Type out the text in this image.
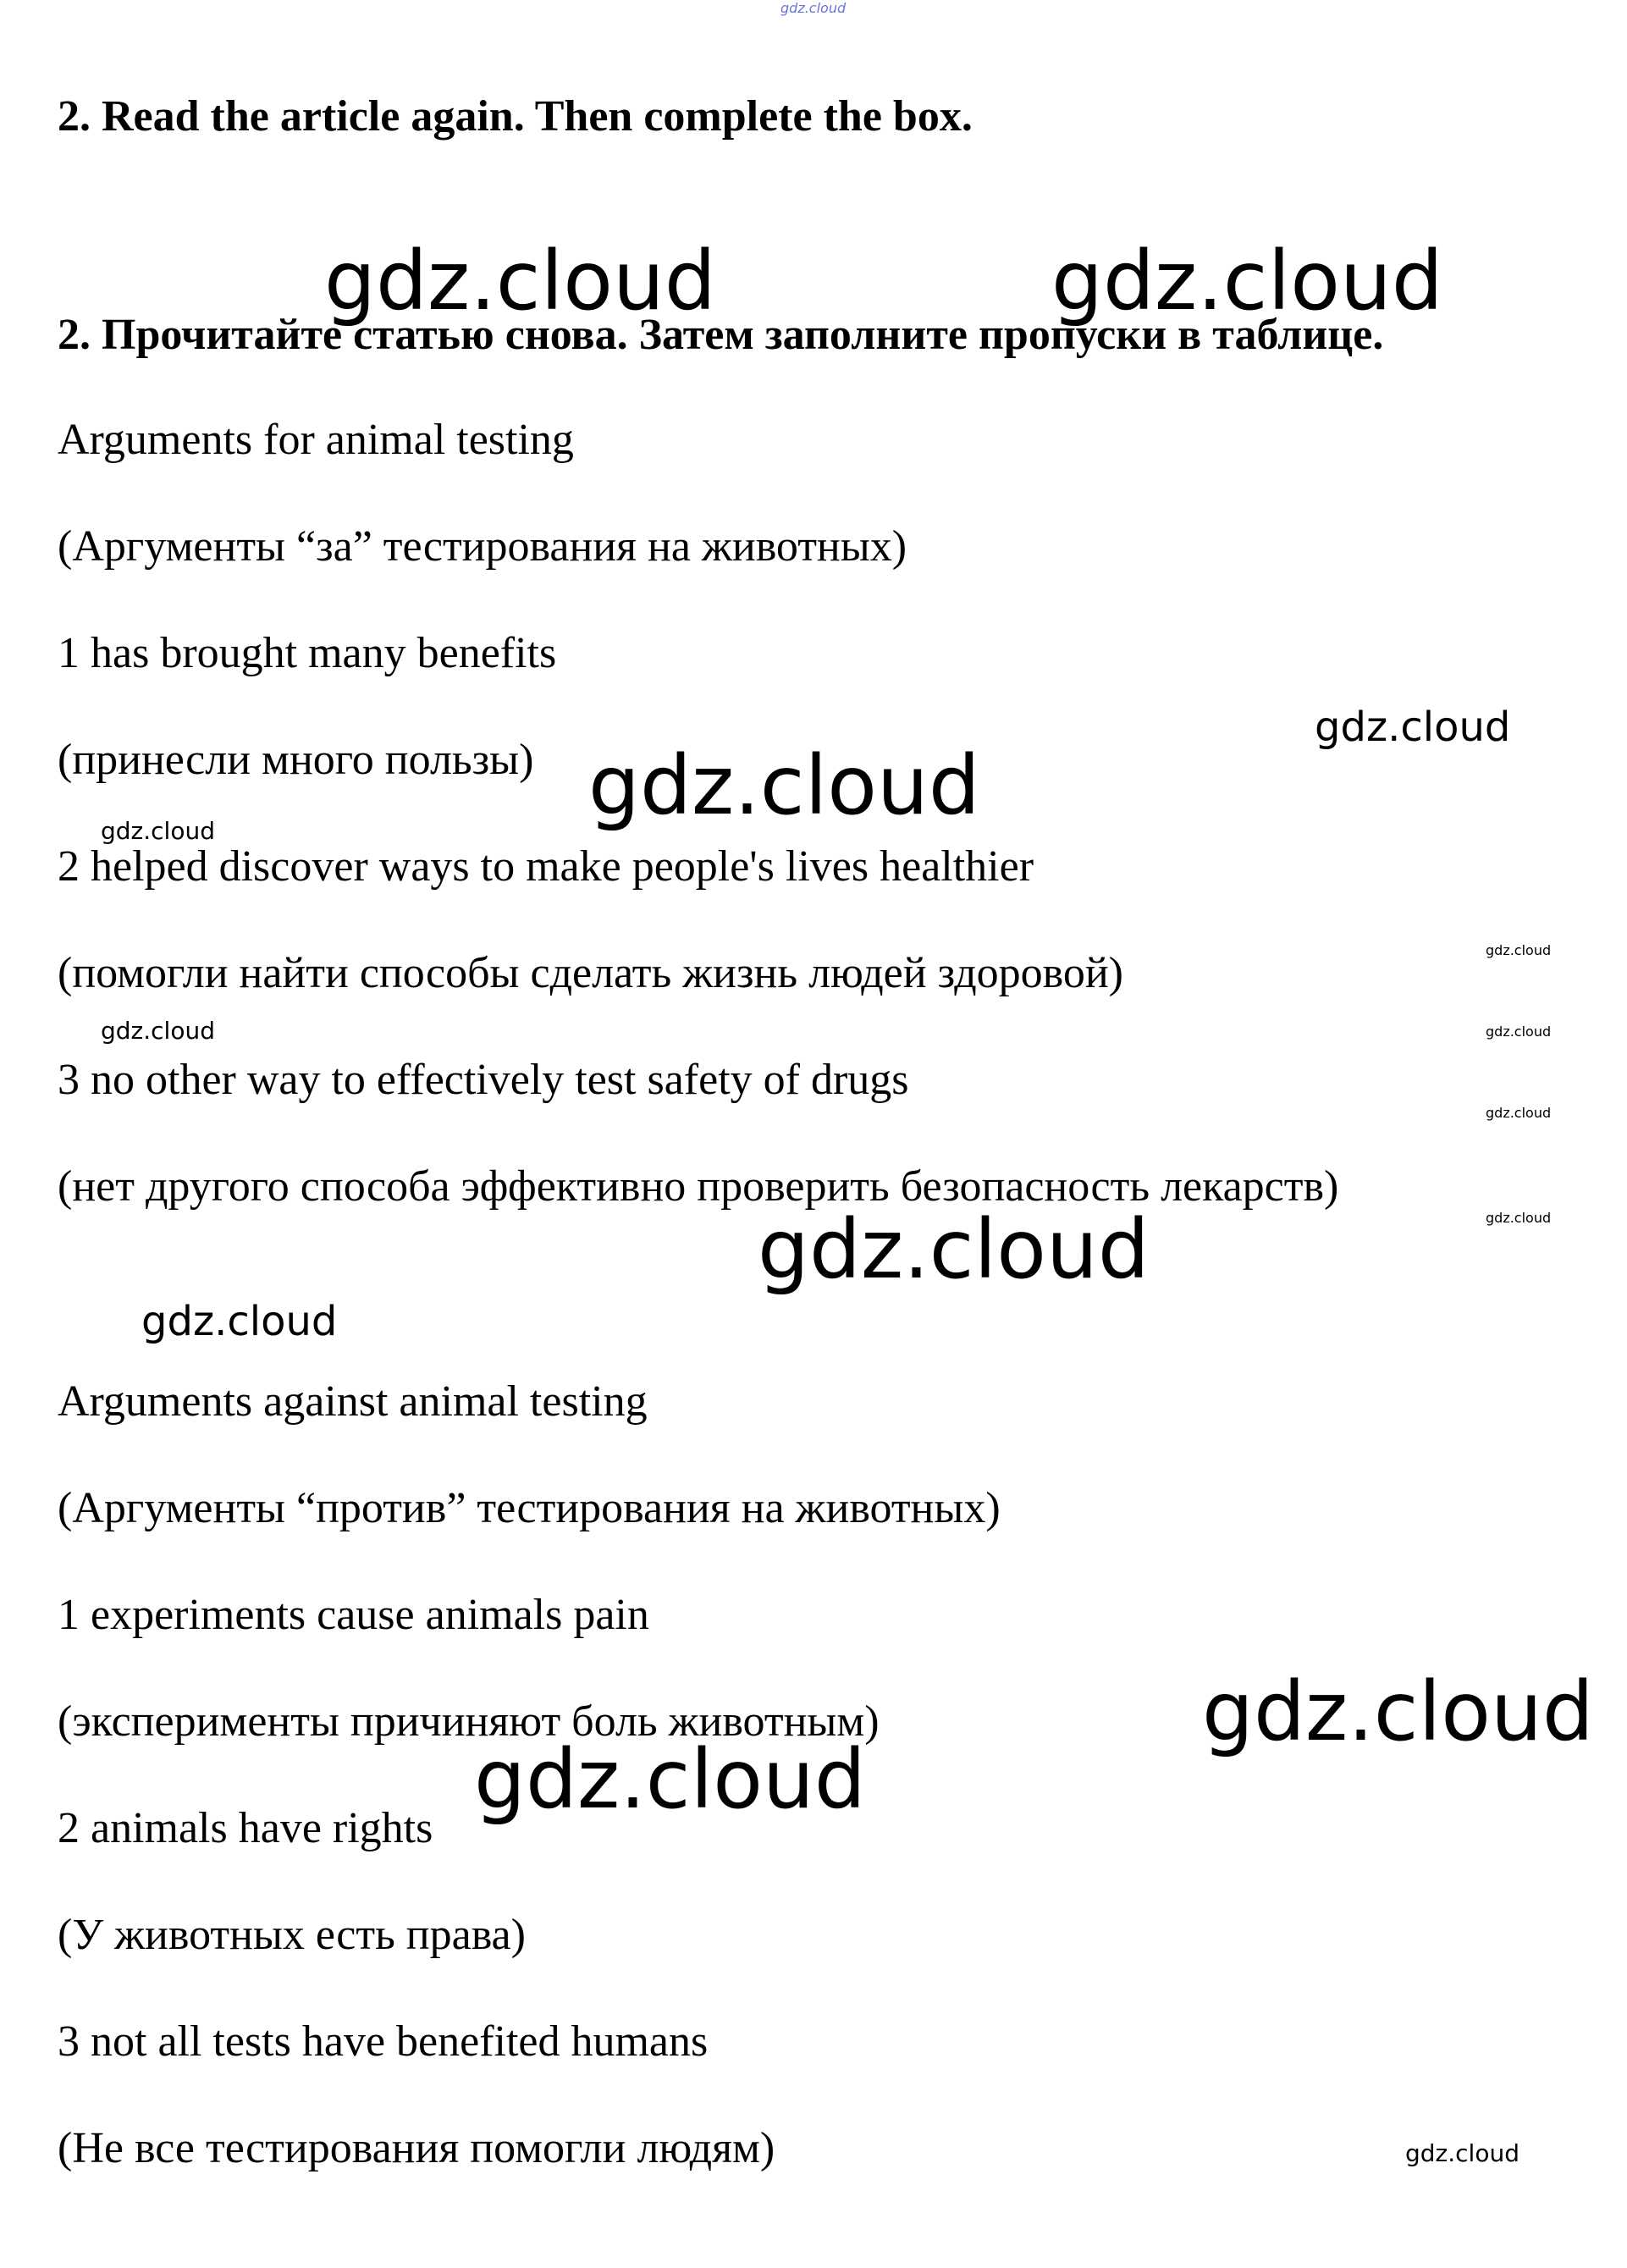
gdz.cloud

2. Read the article again. Then complete the box.

2. Прочитайте статью снова. Затем заполните пропуски в таблице.

Arguments for animal testing

(Аргументы “за” тестирования на животных)

1 has brought many benefits

(принесли много пользы)

2 helped discover ways to make people's lives healthier

(помогли найти способы сделать жизнь людей здоровой)

3 no other way to effectively test safety of drugs

(нет другого способа эффективно проверить безопасность лекарств)

Arguments against animal testing

(Аргументы “против” тестирования на животных)

1 experiments cause animals pain

(эксперименты причиняют боль животным)

2 animals have rights

(У животных есть права)

3 not all tests have benefited humans

(Не все тестирования помогли людям)

gdz.cloud	gdz.cloud
gdz.cloud
gdz.cloud
gdz.cloud
gdz.cloud
gdz.cloud	gdz.cloud
gdz.cloud
gdz.cloud
gdz.cloud
gdz.cloud
gdz.cloud
gdz.cloud
gdz.cloud
